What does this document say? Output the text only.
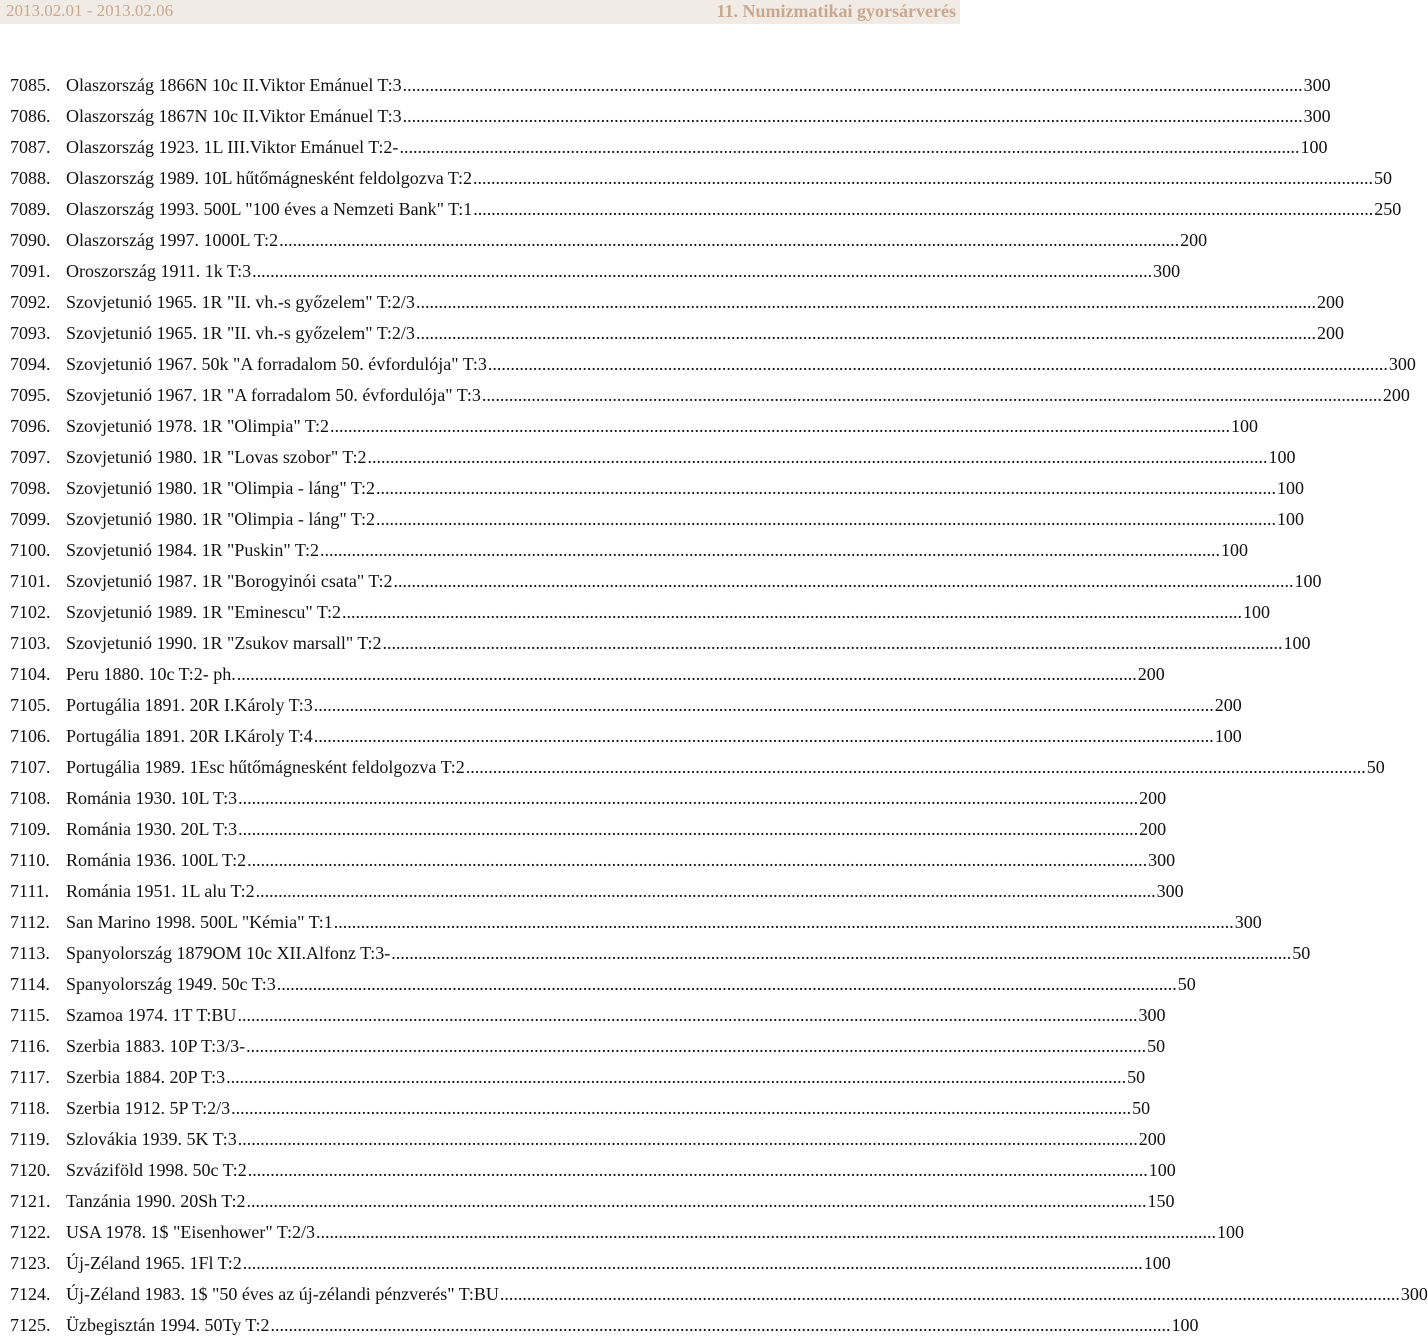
2013.02.01 - 2013.02.06	11. Numizmatikai gyorsárverés
7085. Olaszország 1866N 10c II.Viktor Emánuel T:3 ........................................................................................................................................................................................................ 300
7086. Olaszország 1867N 10c II.Viktor Emánuel T:3 ........................................................................................................................................................................................................ 300
7087. Olaszország 1923. 1L III.Viktor Emánuel T:2- ........................................................................................................................................................................................................ 100
7088. Olaszország 1989. 10L hűtőmágnesként feldolgozva T:2 ........................................................................................................................................................................................................ 50
7089. Olaszország 1993. 500L "100 éves a Nemzeti Bank" T:1 ........................................................................................................................................................................................................ 250
7090. Olaszország 1997. 1000L T:2 ........................................................................................................................................................................................................ 200
7091. Oroszország 1911. 1k T:3 ........................................................................................................................................................................................................ 300
7092. Szovjetunió 1965. 1R "II. vh.-s győzelem" T:2/3 ........................................................................................................................................................................................................ 200
7093. Szovjetunió 1965. 1R "II. vh.-s győzelem" T:2/3 ........................................................................................................................................................................................................ 200
7094. Szovjetunió 1967. 50k "A forradalom 50. évfordulója" T:3 ........................................................................................................................................................................................................ 300
7095. Szovjetunió 1967. 1R "A forradalom 50. évfordulója" T:3 ........................................................................................................................................................................................................ 200
7096. Szovjetunió 1978. 1R "Olimpia" T:2 ........................................................................................................................................................................................................ 100
7097. Szovjetunió 1980. 1R "Lovas szobor" T:2 ........................................................................................................................................................................................................ 100
7098. Szovjetunió 1980. 1R "Olimpia - láng" T:2 ........................................................................................................................................................................................................ 100
7099. Szovjetunió 1980. 1R "Olimpia - láng" T:2 ........................................................................................................................................................................................................ 100
7100. Szovjetunió 1984. 1R "Puskin" T:2 ........................................................................................................................................................................................................ 100
7101. Szovjetunió 1987. 1R "Borogyinói csata" T:2 ........................................................................................................................................................................................................ 100
7102. Szovjetunió 1989. 1R "Eminescu" T:2 ........................................................................................................................................................................................................ 100
7103. Szovjetunió 1990. 1R "Zsukov marsall" T:2 ........................................................................................................................................................................................................ 100
7104. Peru 1880. 10c T:2- ph. ........................................................................................................................................................................................................ 200
7105. Portugália 1891. 20R I.Károly T:3 ........................................................................................................................................................................................................ 200
7106. Portugália 1891. 20R I.Károly T:4 ........................................................................................................................................................................................................ 100
7107. Portugália 1989. 1Esc hűtőmágnesként feldolgozva T:2 ........................................................................................................................................................................................................ 50
7108. Románia 1930. 10L T:3 ........................................................................................................................................................................................................ 200
7109. Románia 1930. 20L T:3 ........................................................................................................................................................................................................ 200
7110. Románia 1936. 100L T:2 ........................................................................................................................................................................................................ 300
7111. Románia 1951. 1L alu T:2 ........................................................................................................................................................................................................ 300
7112. San Marino 1998. 500L "Kémia" T:1 ........................................................................................................................................................................................................ 300
7113. Spanyolország 1879OM 10c XII.Alfonz T:3- ........................................................................................................................................................................................................ 50
7114. Spanyolország 1949. 50c T:3 ........................................................................................................................................................................................................ 50
7115. Szamoa 1974. 1T T:BU ........................................................................................................................................................................................................ 300
7116. Szerbia 1883. 10P T:3/3- ........................................................................................................................................................................................................ 50
7117. Szerbia 1884. 20P T:3 ........................................................................................................................................................................................................ 50
7118. Szerbia 1912. 5P T:2/3 ........................................................................................................................................................................................................ 50
7119. Szlovákia 1939. 5K T:3 ........................................................................................................................................................................................................ 200
7120. Szváziföld 1998. 50c T:2 ........................................................................................................................................................................................................ 100
7121. Tanzánia 1990. 20Sh T:2 ........................................................................................................................................................................................................ 150
7122. USA 1978. 1$ "Eisenhower" T:2/3 ........................................................................................................................................................................................................ 100
7123. Új-Zéland 1965. 1Fl T:2 ........................................................................................................................................................................................................ 100
7124. Új-Zéland 1983. 1$ "50 éves az új-zélandi pénzverés" T:BU ........................................................................................................................................................................................................ 300
7125. Üzbegisztán 1994. 50Ty T:2 ........................................................................................................................................................................................................ 100
